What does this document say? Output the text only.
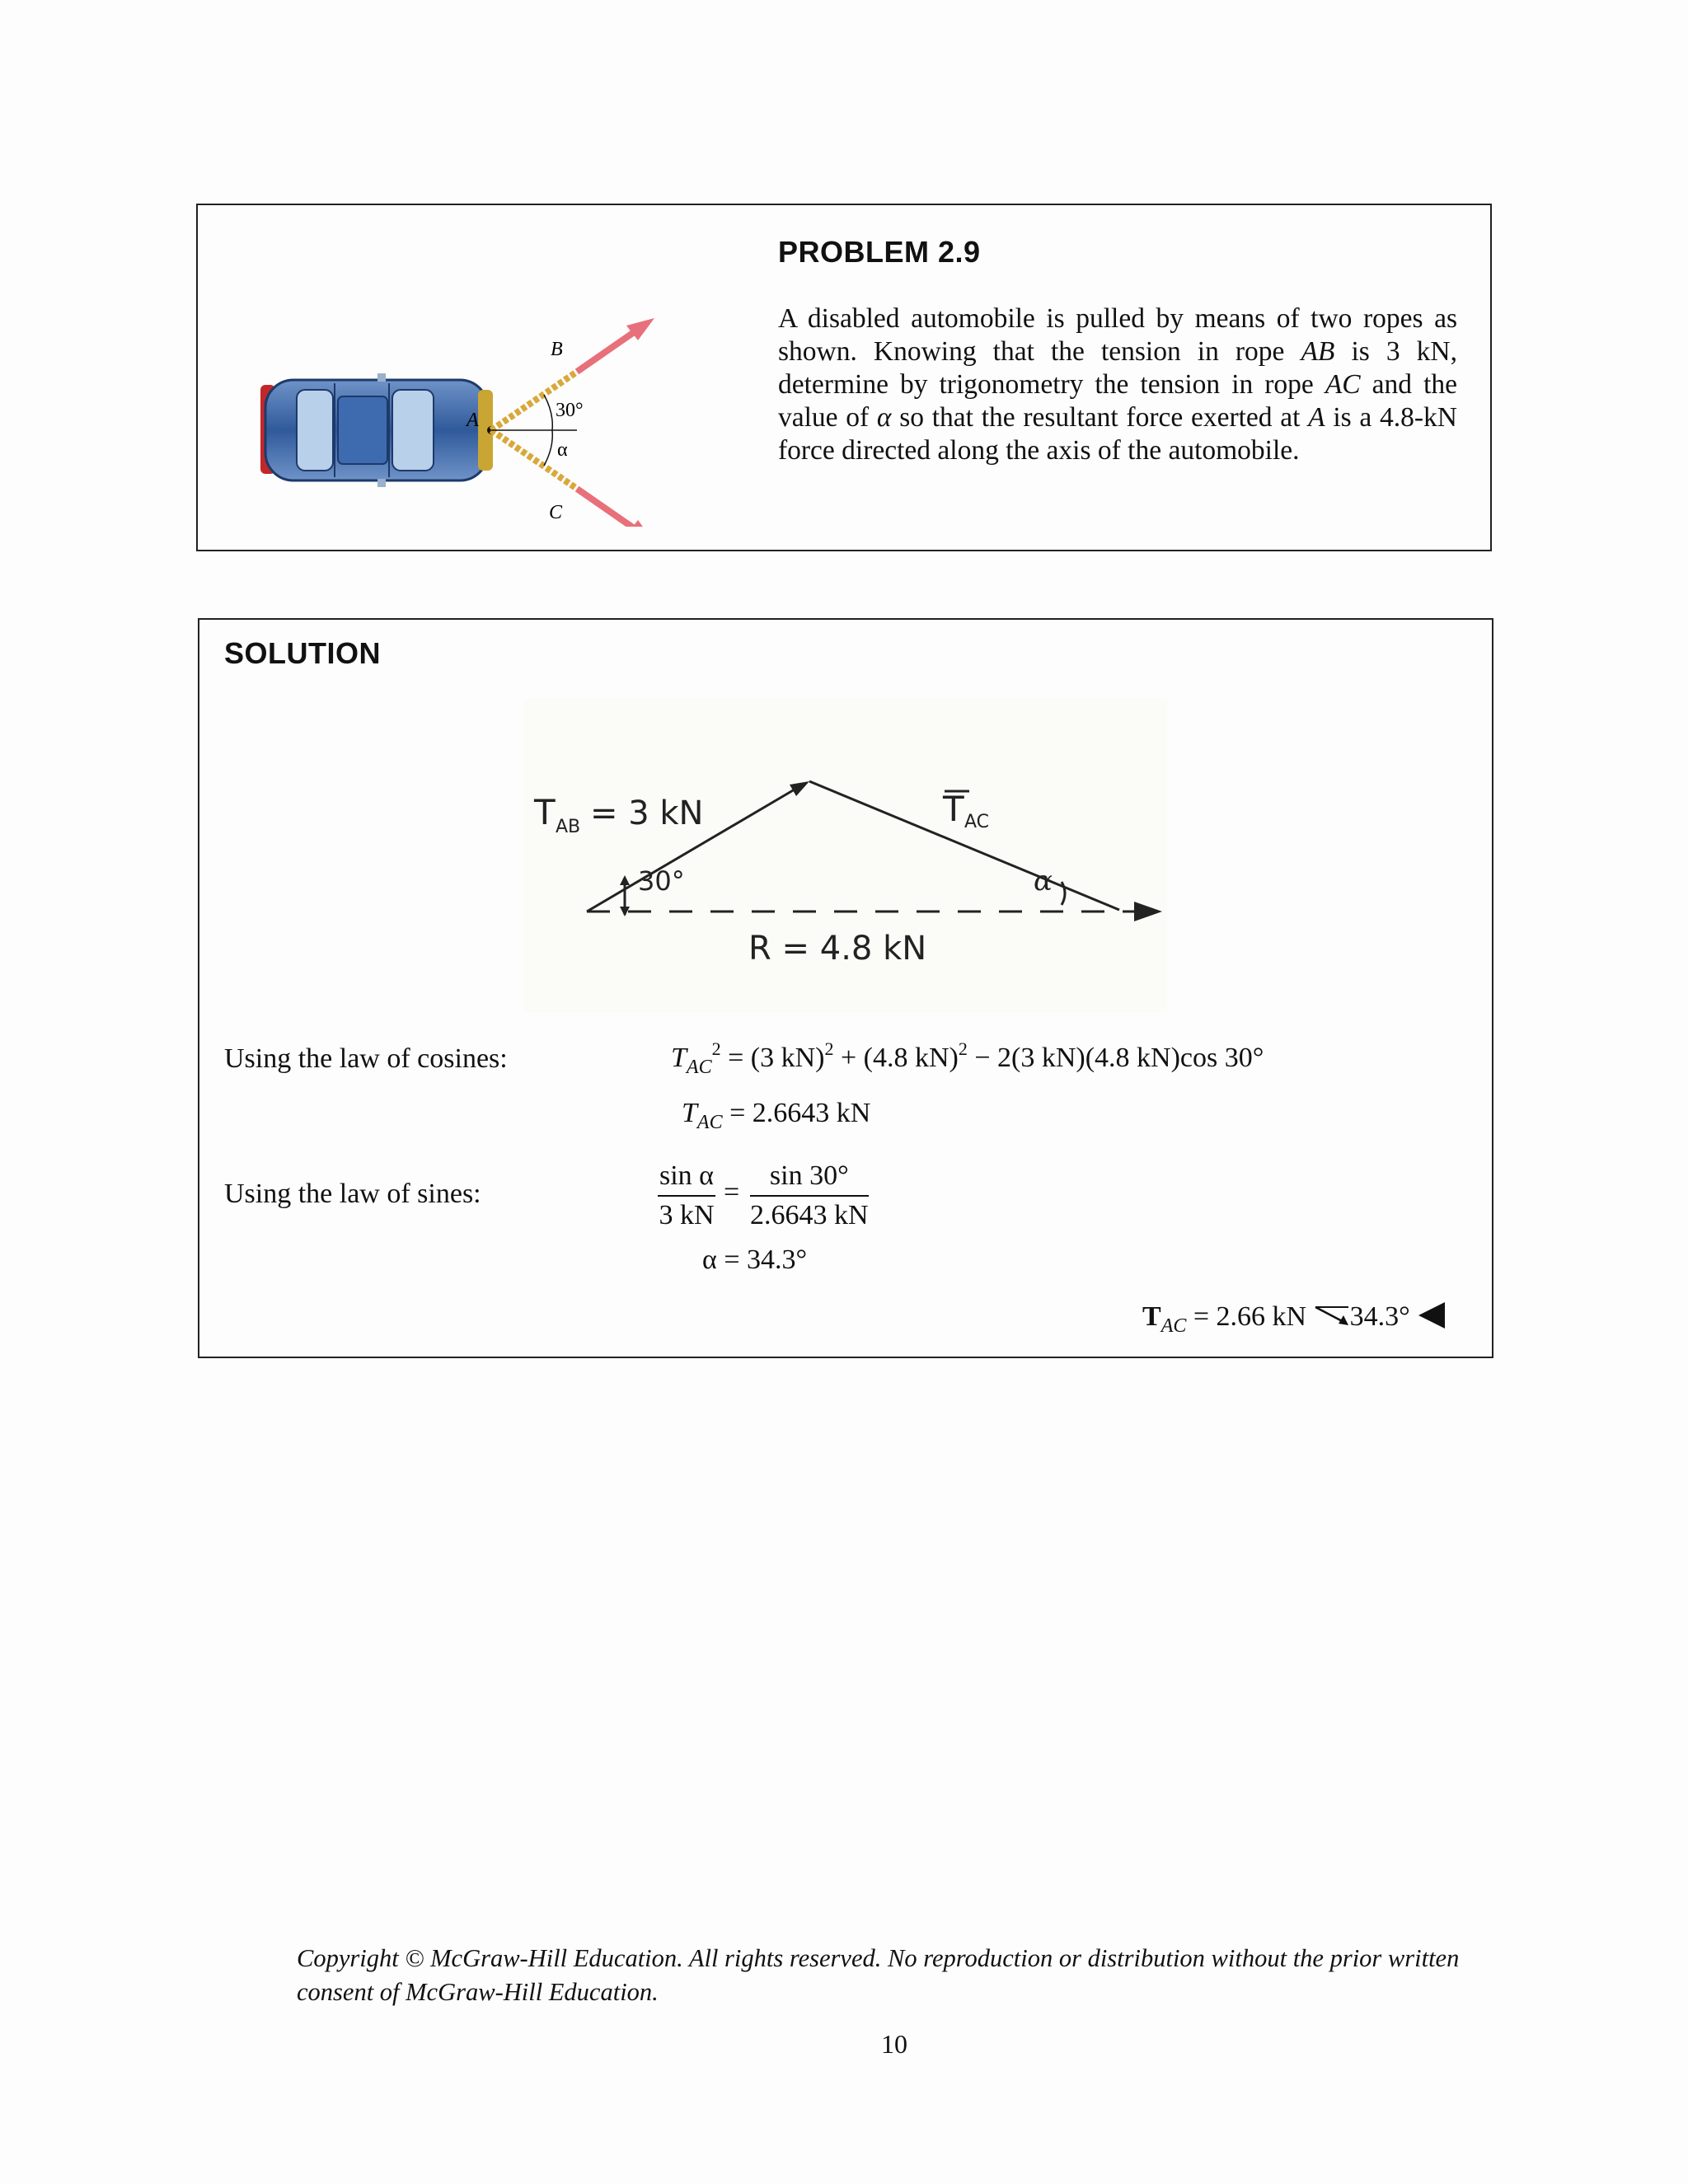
PROBLEM 2.9
A disabled automobile is pulled by means of two ropes as shown. Knowing that the tension in rope AB is 3 kN, determine by trigonometry the tension in rope AC and the value of α so that the resultant force exerted at A is a 4.8-kN force directed along the axis of the automobile.
A	30°
α
B
C
SOLUTION
T AB = 3 kN	T AC
30°	α
R = 4.8 kN
Using the law of cosines:	$T_{AC}^2 = (3$ kN)$^2$ + (4.8 kN)$^2$ − 2(3 kN)(4.8 kN)cos 30°
$T_{AC} = 2.6643$ kN
Using the law of sines:	$\frac{\text{sin α}}{3 kN} = \frac{\sin 30^\circ}{2.6643 kN}$
α = 34.3°
$T_{AC} = 2.66$ kN 34.3°
Copyright © McGraw-Hill Education. All rights reserved. No reproduction or distribution without the prior written consent of McGraw-Hill Education.
10
